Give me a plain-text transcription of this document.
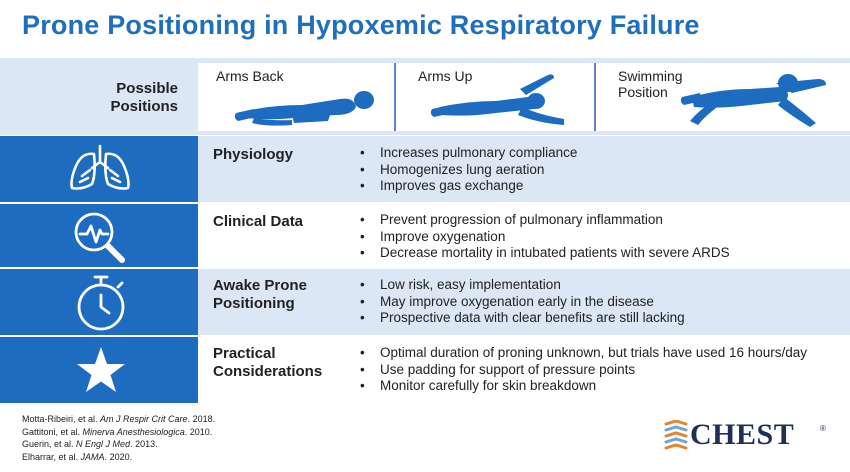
Prone Positioning in Hypoxemic Respiratory Failure
Possible
Positions
Arms Back	Arms Up	Swimming
Position
Physiology	• Increases pulmonary compliance
• Homogenizes lung aeration
• Improves gas exchange
Clinical Data	• Prevent progression of pulmonary inflammation
• Improve oxygenation
• Decrease mortality in intubated patients with severe ARDS
Awake Prone
Positioning
• Low risk, easy implementation
• May improve oxygenation early in the disease
• Prospective data with clear benefits are still lacking
Practical
Considerations
• Optimal duration of proning unknown, but trials have used 16 hours/day
• Use padding for support of pressure points
• Monitor carefully for skin breakdown
Motta-Ribeiri, et al. Am J Respir Crit Care. 2018.
Gattitoni, et al. Minerva Anesthesiologica. 2010.
Guerin, et al. N Engl J Med. 2013.
Elharrar, et al. JAMA. 2020.
CHEST	®
